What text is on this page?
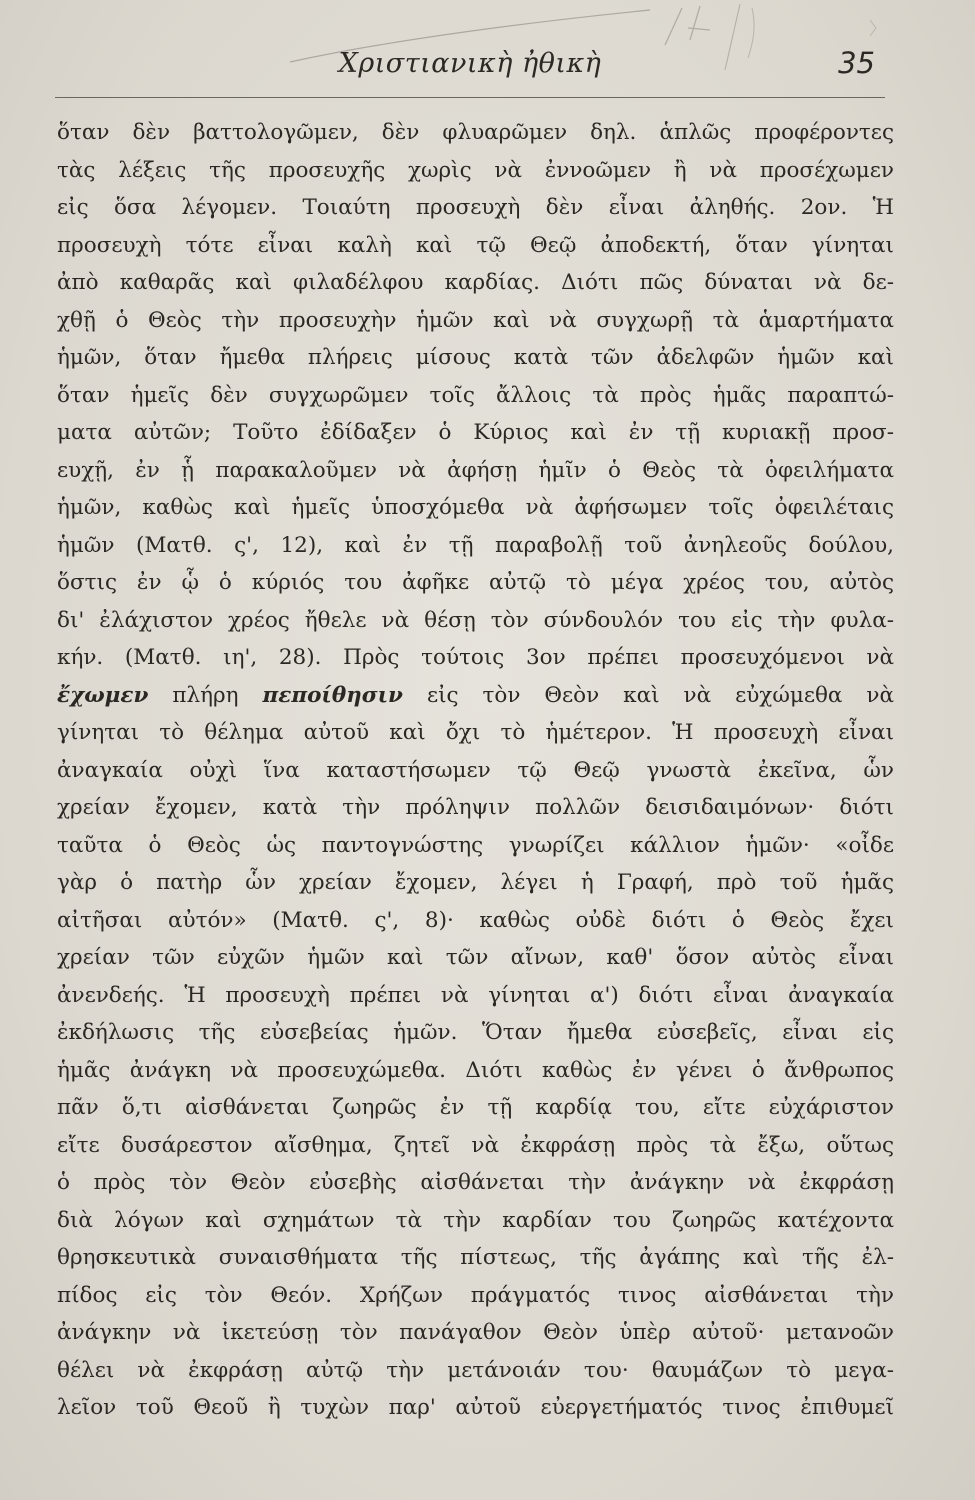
Χριστιανικὴ ἠθικὴ	35
ὅταν δὲν βαττολογῶμεν, δὲν φλυαρῶμεν δηλ. ἁπλῶς προφέροντες
τὰς λέξεις τῆς προσευχῆς χωρὶς νὰ ἐννοῶμεν ἢ νὰ προσέχωμεν
εἰς ὅσα λέγομεν. Τοιαύτη προσευχὴ δὲν εἶναι ἀληθής. 2ον. Ἡ
προσευχὴ τότε εἶναι καλὴ καὶ τῷ Θεῷ ἀποδεκτή, ὅταν γίνηται
ἀπὸ καθαρᾶς καὶ φιλαδέλφου καρδίας. Διότι πῶς δύναται νὰ δε-
χθῇ ὁ Θεὸς τὴν προσευχὴν ἡμῶν καὶ νὰ συγχωρῇ τὰ ἁμαρτήματα
ἡμῶν, ὅταν ἤμεθα πλήρεις μίσους κατὰ τῶν ἀδελφῶν ἡμῶν καὶ
ὅταν ἡμεῖς δὲν συγχωρῶμεν τοῖς ἄλλοις τὰ πρὸς ἡμᾶς παραπτώ-
ματα αὐτῶν; Τοῦτο ἐδίδαξεν ὁ Κύριος καὶ ἐν τῇ κυριακῇ προσ-
ευχῇ, ἐν ᾗ παρακαλοῦμεν νὰ ἀφήσῃ ἡμῖν ὁ Θεὸς τὰ ὀφειλήματα
ἡμῶν, καθὼς καὶ ἡμεῖς ὑποσχόμεθα νὰ ἀφήσωμεν τοῖς ὀφειλέταις
ἡμῶν (Ματθ. ς', 12), καὶ ἐν τῇ παραβολῇ τοῦ ἀνηλεοῦς δούλου,
ὅστις ἐν ᾧ ὁ κύριός του ἀφῆκε αὐτῷ τὸ μέγα χρέος του, αὐτὸς
δι' ἐλάχιστον χρέος ἤθελε νὰ θέσῃ τὸν σύνδουλόν του εἰς τὴν φυλα-
κήν. (Ματθ. ιη', 28). Πρὸς τούτοις 3ον πρέπει προσευχόμενοι νὰ
ἔχωμεν πλήρη πεποίθησιν εἰς τὸν Θεὸν καὶ νὰ εὐχώμεθα νὰ
γίνηται τὸ θέλημα αὐτοῦ καὶ ὄχι τὸ ἡμέτερον. Ἡ προσευχὴ εἶναι
ἀναγκαία οὐχὶ ἵνα καταστήσωμεν τῷ Θεῷ γνωστὰ ἐκεῖνα, ὧν
χρείαν ἔχομεν, κατὰ τὴν πρόληψιν πολλῶν δεισιδαιμόνων· διότι
ταῦτα ὁ Θεὸς ὡς παντογνώστης γνωρίζει κάλλιον ἡμῶν· «οἶδε
γὰρ ὁ πατὴρ ὧν χρείαν ἔχομεν, λέγει ἡ Γραφή, πρὸ τοῦ ἡμᾶς
αἰτῆσαι αὐτόν» (Ματθ. ς', 8)· καθὼς οὐδὲ διότι ὁ Θεὸς ἔχει
χρείαν τῶν εὐχῶν ἡμῶν καὶ τῶν αἴνων, καθ' ὅσον αὐτὸς εἶναι
ἀνενδεής. Ἡ προσευχὴ πρέπει νὰ γίνηται α') διότι εἶναι ἀναγκαία
ἐκδήλωσις τῆς εὐσεβείας ἡμῶν. Ὅταν ἤμεθα εὐσεβεῖς, εἶναι εἰς
ἡμᾶς ἀνάγκη νὰ προσευχώμεθα. Διότι καθὼς ἐν γένει ὁ ἄνθρωπος
πᾶν ὅ,τι αἰσθάνεται ζωηρῶς ἐν τῇ καρδίᾳ του, εἴτε εὐχάριστον
εἴτε δυσάρεστον αἴσθημα, ζητεῖ νὰ ἐκφράσῃ πρὸς τὰ ἔξω, οὕτως
ὁ πρὸς τὸν Θεὸν εὐσεβὴς αἰσθάνεται τὴν ἀνάγκην νὰ ἐκφράσῃ
διὰ λόγων καὶ σχημάτων τὰ τὴν καρδίαν του ζωηρῶς κατέχοντα
θρησκευτικὰ συναισθήματα τῆς πίστεως, τῆς ἀγάπης καὶ τῆς ἐλ-
πίδος εἰς τὸν Θεόν. Χρήζων πράγματός τινος αἰσθάνεται τὴν
ἀνάγκην νὰ ἱκετεύσῃ τὸν πανάγαθον Θεὸν ὑπὲρ αὐτοῦ· μετανοῶν
θέλει νὰ ἐκφράσῃ αὐτῷ τὴν μετάνοιάν του· θαυμάζων τὸ μεγα-
λεῖον τοῦ Θεοῦ ἢ τυχὼν παρ' αὐτοῦ εὐεργετήματός τινος ἐπιθυμεῖ
